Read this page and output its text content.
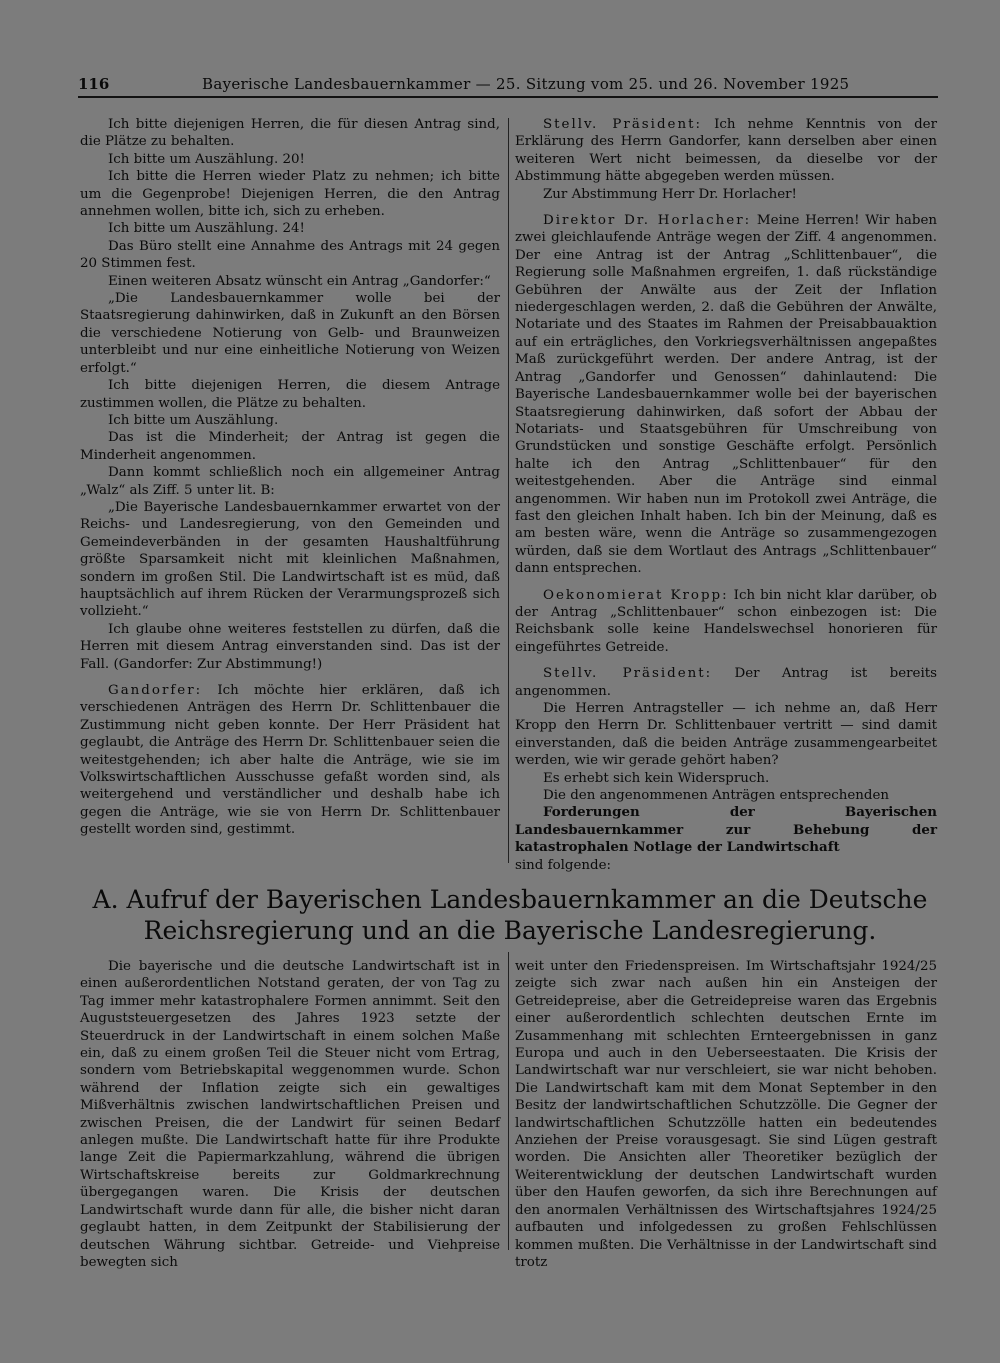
116	Bayerische Landesbauernkammer — 25. Sitzung vom 25. und 26. November 1925

Ich bitte diejenigen Herren, die für diesen Antrag sind, die Plätze zu behalten.

Ich bitte um Auszählung. 20!

Ich bitte die Herren wieder Platz zu nehmen; ich bitte um die Gegenprobe! Diejenigen Herren, die den Antrag annehmen wollen, bitte ich, sich zu erheben.

Ich bitte um Auszählung. 24!

Das Büro stellt eine Annahme des Antrags mit 24 gegen 20 Stimmen fest.

Einen weiteren Absatz wünscht ein Antrag „Gandorfer:“

„Die Landesbauernkammer wolle bei der Staatsregierung dahinwirken, daß in Zukunft an den Börsen die verschiedene Notierung von Gelb- und Braunweizen unterbleibt und nur eine einheitliche Notierung von Weizen erfolgt.“

Ich bitte diejenigen Herren, die diesem Antrage zustimmen wollen, die Plätze zu behalten.

Ich bitte um Auszählung.

Das ist die Minderheit; der Antrag ist gegen die Minderheit angenommen.

Dann kommt schließlich noch ein allgemeiner Antrag „Walz“ als Ziff. 5 unter lit. B:

„Die Bayerische Landesbauernkammer erwartet von der Reichs- und Landesregierung, von den Gemeinden und Gemeindeverbänden in der gesamten Haushaltführung größte Sparsamkeit nicht mit kleinlichen Maßnahmen, sondern im großen Stil. Die Landwirtschaft ist es müd, daß hauptsächlich auf ihrem Rücken der Verarmungsprozeß sich vollzieht.“

Ich glaube ohne weiteres feststellen zu dürfen, daß die Herren mit diesem Antrag einverstanden sind. Das ist der Fall. (Gandorfer: Zur Abstimmung!)

Gandorfer: Ich möchte hier erklären, daß ich verschiedenen Anträgen des Herrn Dr. Schlittenbauer die Zustimmung nicht geben konnte. Der Herr Präsident hat geglaubt, die Anträge des Herrn Dr. Schlittenbauer seien die weitestgehenden; ich aber halte die Anträge, wie sie im Volkswirtschaftlichen Ausschusse gefaßt worden sind, als weitergehend und verständlicher und deshalb habe ich gegen die Anträge, wie sie von Herrn Dr. Schlittenbauer gestellt worden sind, gestimmt.

Stellv. Präsident: Ich nehme Kenntnis von der Erklärung des Herrn Gandorfer, kann derselben aber einen weiteren Wert nicht beimessen, da dieselbe vor der Abstimmung hätte abgegeben werden müssen.

Zur Abstimmung Herr Dr. Horlacher!

Direktor Dr. Horlacher: Meine Herren! Wir haben zwei gleichlaufende Anträge wegen der Ziff. 4 angenommen. Der eine Antrag ist der Antrag „Schlittenbauer“, die Regierung solle Maßnahmen ergreifen, 1. daß rückständige Gebühren der Anwälte aus der Zeit der Inflation niedergeschlagen werden, 2. daß die Gebühren der Anwälte, Notariate und des Staates im Rahmen der Preisabbauaktion auf ein erträgliches, den Vorkriegsverhältnissen angepaßtes Maß zurückgeführt werden. Der andere Antrag, ist der Antrag „Gandorfer und Genossen“ dahinlautend: Die Bayerische Landesbauernkammer wolle bei der bayerischen Staatsregierung dahinwirken, daß sofort der Abbau der Notariats- und Staatsgebühren für Umschreibung von Grundstücken und sonstige Geschäfte erfolgt. Persönlich halte ich den Antrag „Schlittenbauer“ für den weitestgehenden. Aber die Anträge sind einmal angenommen. Wir haben nun im Protokoll zwei Anträge, die fast den gleichen Inhalt haben. Ich bin der Meinung, daß es am besten wäre, wenn die Anträge so zusammengezogen würden, daß sie dem Wortlaut des Antrags „Schlittenbauer“ dann entsprechen.

Oekonomierat Kropp: Ich bin nicht klar darüber, ob der Antrag „Schlittenbauer“ schon einbezogen ist: Die Reichsbank solle keine Handelswechsel honorieren für eingeführtes Getreide.

Stellv. Präsident: Der Antrag ist bereits angenommen.

Die Herren Antragsteller — ich nehme an, daß Herr Kropp den Herrn Dr. Schlittenbauer vertritt — sind damit einverstanden, daß die beiden Anträge zusammengearbeitet werden, wie wir gerade gehört haben?

Es erhebt sich kein Widerspruch.

Die den angenommenen Anträgen entsprechenden

Forderungen der Bayerischen Landesbauernkammer zur Behebung der katastrophalen Notlage der Landwirtschaft

sind folgende:

A. Aufruf der Bayerischen Landesbauernkammer an die Deutsche Reichsregierung und an die Bayerische Landesregierung.

Die bayerische und die deutsche Landwirtschaft ist in einen außerordentlichen Notstand geraten, der von Tag zu Tag immer mehr katastrophalere Formen annimmt. Seit den Auguststeuergesetzen des Jahres 1923 setzte der Steuerdruck in der Landwirtschaft in einem solchen Maße ein, daß zu einem großen Teil die Steuer nicht vom Ertrag, sondern vom Betriebskapital weggenommen wurde. Schon während der Inflation zeigte sich ein gewaltiges Mißverhältnis zwischen landwirtschaftlichen Preisen und zwischen Preisen, die der Landwirt für seinen Bedarf anlegen mußte. Die Landwirtschaft hatte für ihre Produkte lange Zeit die Papiermarkzahlung, während die übrigen Wirtschaftskreise bereits zur Goldmarkrechnung übergegangen waren. Die Krisis der deutschen Landwirtschaft wurde dann für alle, die bisher nicht daran geglaubt hatten, in dem Zeitpunkt der Stabilisierung der deutschen Währung sichtbar. Getreide- und Viehpreise bewegten sich

weit unter den Friedenspreisen. Im Wirtschaftsjahr 1924/25 zeigte sich zwar nach außen hin ein Ansteigen der Getreidepreise, aber die Getreidepreise waren das Ergebnis einer außerordentlich schlechten deutschen Ernte im Zusammenhang mit schlechten Ernteergebnissen in ganz Europa und auch in den Ueberseestaaten. Die Krisis der Landwirtschaft war nur verschleiert, sie war nicht behoben. Die Landwirtschaft kam mit dem Monat September in den Besitz der landwirtschaftlichen Schutzzölle. Die Gegner der landwirtschaftlichen Schutzzölle hatten ein bedeutendes Anziehen der Preise vorausgesagt. Sie sind Lügen gestraft worden. Die Ansichten aller Theoretiker bezüglich der Weiterentwicklung der deutschen Landwirtschaft wurden über den Haufen geworfen, da sich ihre Berechnungen auf den anormalen Verhältnissen des Wirtschaftsjahres 1924/25 aufbauten und infolgedessen zu großen Fehlschlüssen kommen mußten. Die Verhältnisse in der Landwirtschaft sind trotz
